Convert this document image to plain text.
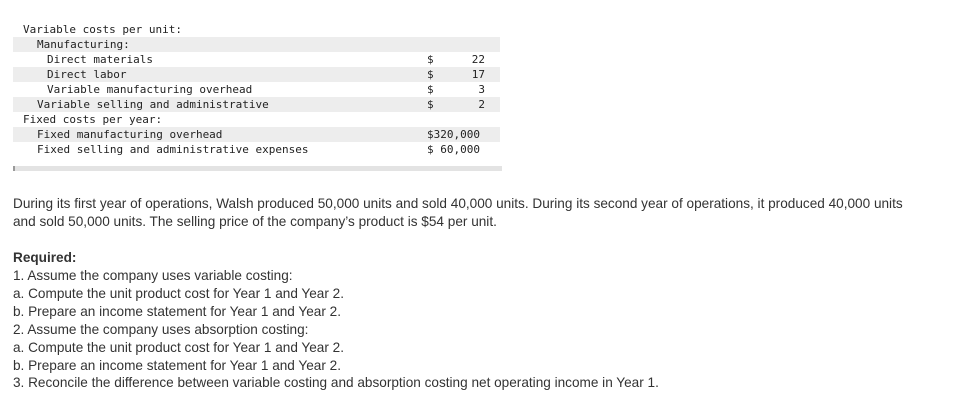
Variable costs per unit:
Manufacturing:
Direct materials	$	22
Direct labor	$	17
Variable manufacturing overhead	$	3
Variable selling and administrative	$	2
Fixed costs per year:
Fixed manufacturing overhead	$320,000
Fixed selling and administrative expenses	$ 60,000

During its first year of operations, Walsh produced 50,000 units and sold 40,000 units. During its second year of operations, it produced 40,000 units and sold 50,000 units. The selling price of the company’s product is $54 per unit.

Required:
1. Assume the company uses variable costing:
a. Compute the unit product cost for Year 1 and Year 2.
b. Prepare an income statement for Year 1 and Year 2.
2. Assume the company uses absorption costing:
a. Compute the unit product cost for Year 1 and Year 2.
b. Prepare an income statement for Year 1 and Year 2.
3. Reconcile the difference between variable costing and absorption costing net operating income in Year 1.
